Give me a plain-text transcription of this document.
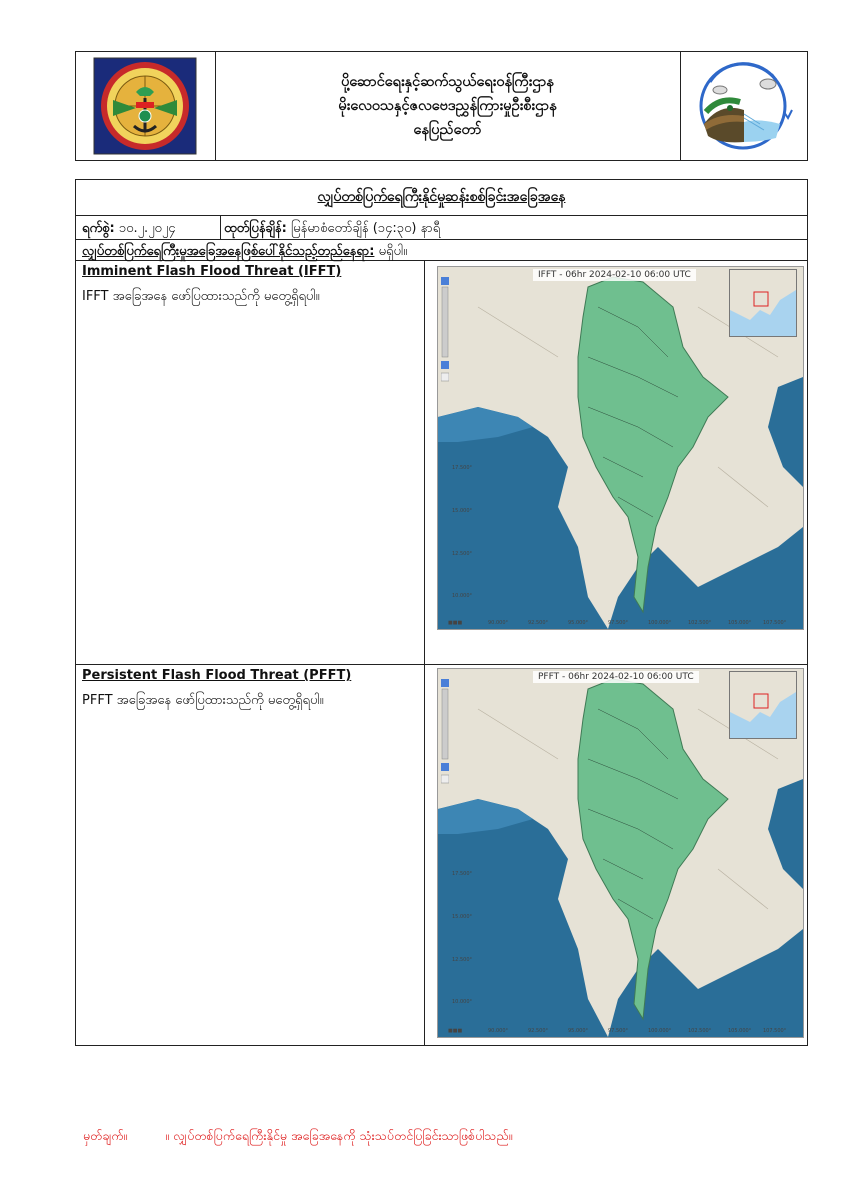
ပို့ဆောင်ရေးနှင့်ဆက်သွယ်ရေးဝန်ကြီးဌာန
မိုးလေဝသနှင့်ဇလဗေဒညွှန်ကြားမှုဦးစီးဌာန
နေပြည်တော်
လျှပ်တစ်ပြက်ရေကြီးနိုင်မှုဆန်းစစ်ခြင်းအခြေအနေ
ရက်စွဲ: ၁၀.၂.၂၀၂၄	ထုတ်ပြန်ချိန်: မြန်မာစံတော်ချိန် (၁၄:၃၀) နာရီ
လျှပ်တစ်ပြက်ရေကြီးမှုအခြေအနေဖြစ်ပေါ်နိုင်သည့်တည်နေရာ: မရှိပါ။
Imminent Flash Flood Threat (IFFT)
IFFT အခြေအနေ ဖော်ပြထားသည်ကို မတွေ့ရှိရပါ။
IFFT - 06hr 2024-02-10 06:00 UTC
■■■	90.000°	92.500°	95.000°	97.500°	100.000°	102.500°	105.000° 107.500°
17.500°
15.000°
12.500°
10.000°
Persistent Flash Flood Threat (PFFT)
PFFT အခြေအနေ ဖော်ပြထားသည်ကို မတွေ့ရှိရပါ။
PFFT - 06hr 2024-02-10 06:00 UTC
■■■	90.000°	92.500°	95.000°	97.500°	100.000°	102.500°	105.000° 107.500°
17.500°
15.000°
12.500°
10.000°
မှတ်ချက်။	။ လျှပ်တစ်ပြက်ရေကြီးနိုင်မှု အခြေအနေကို သုံးသပ်တင်ပြခြင်းသာဖြစ်ပါသည်။
